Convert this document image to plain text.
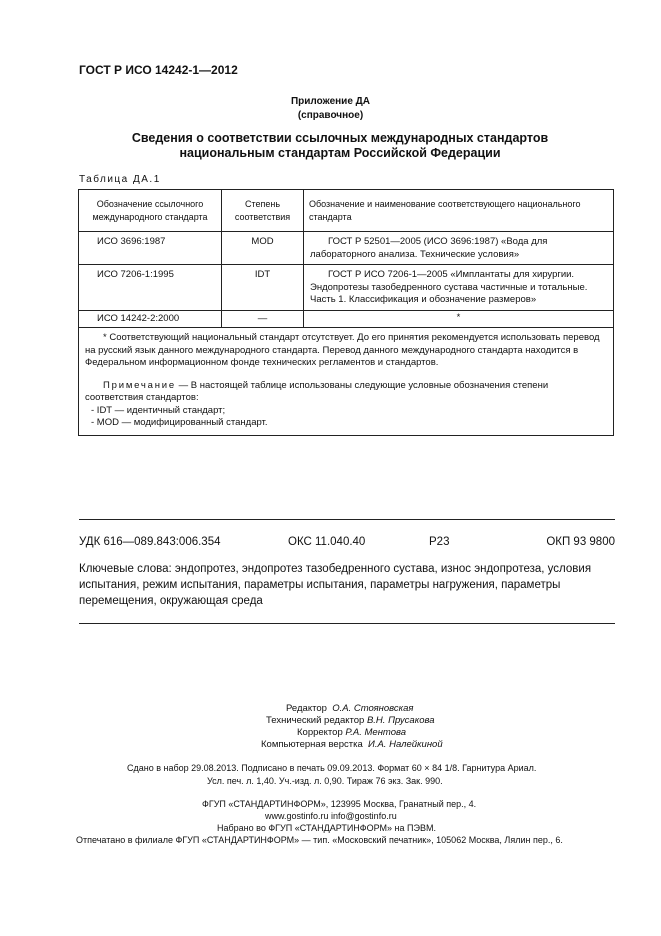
ГОСТ Р ИСО 14242-1—2012
Приложение ДА
(справочное)
Сведения о соответствии ссылочных международных стандартов
национальным стандартам Российской Федерации
Таблица ДА.1
Обозначение ссылочного международного стандарта	Степень соответствия	Обозначение и наименование соответствующего национального стандарта
ИСО 3696:1987	MOD	ГОСТ Р 52501—2005 (ИСО 3696:1987) «Вода для лабораторного анализа. Технические условия»
ИСО 7206-1:1995	IDT	ГОСТ Р ИСО 7206-1—2005 «Имплантаты для хирургии. Эндопротезы тазобедренного сустава частичные и тотальные. Часть 1. Классификация и обозначение размеров»
ИСО 14242-2:2000	—	*

* Соответствующий национальный стандарт отсутствует. До его принятия рекомендуется использовать перевод на русский язык данного международного стандарта. Перевод данного международного стандарта находится в Федеральном информационном фонде технических регламентов и стандартов.
Примечание — В настоящей таблице использованы следующие условные обозначения степени соответствия стандартов:
- IDT — идентичный стандарт;
- MOD — модифицированный стандарт.		
УДК 616—089.843:006.354	ОКС 11.040.40	Р23	ОКП 93 9800
Ключевые слова: эндопротез, эндопротез тазобедренного сустава, износ эндопротеза, условия испытания, режим испытания, параметры испытания, параметры нагружения, параметры перемещения, окружающая среда
Редактор О.А. Стояновская
Технический редактор В.Н. Прусакова
Корректор Р.А. Ментова
Компьютерная верстка И.А. Налейкиной
Сдано в набор 29.08.2013. Подписано в печать 09.09.2013. Формат 60 × 84 1/8. Гарнитура Ариал.
Усл. печ. л. 1,40. Уч.-изд. л. 0,90. Тираж 76 экз. Зак. 990.
ФГУП «СТАНДАРТИНФОРМ», 123995 Москва, Гранатный пер., 4.
www.gostinfo.ru info@gostinfo.ru
Набрано во ФГУП «СТАНДАРТИНФОРМ» на ПЭВМ.
Отпечатано в филиале ФГУП «СТАНДАРТИНФОРМ» — тип. «Московский печатник», 105062 Москва, Лялин пер., 6.
